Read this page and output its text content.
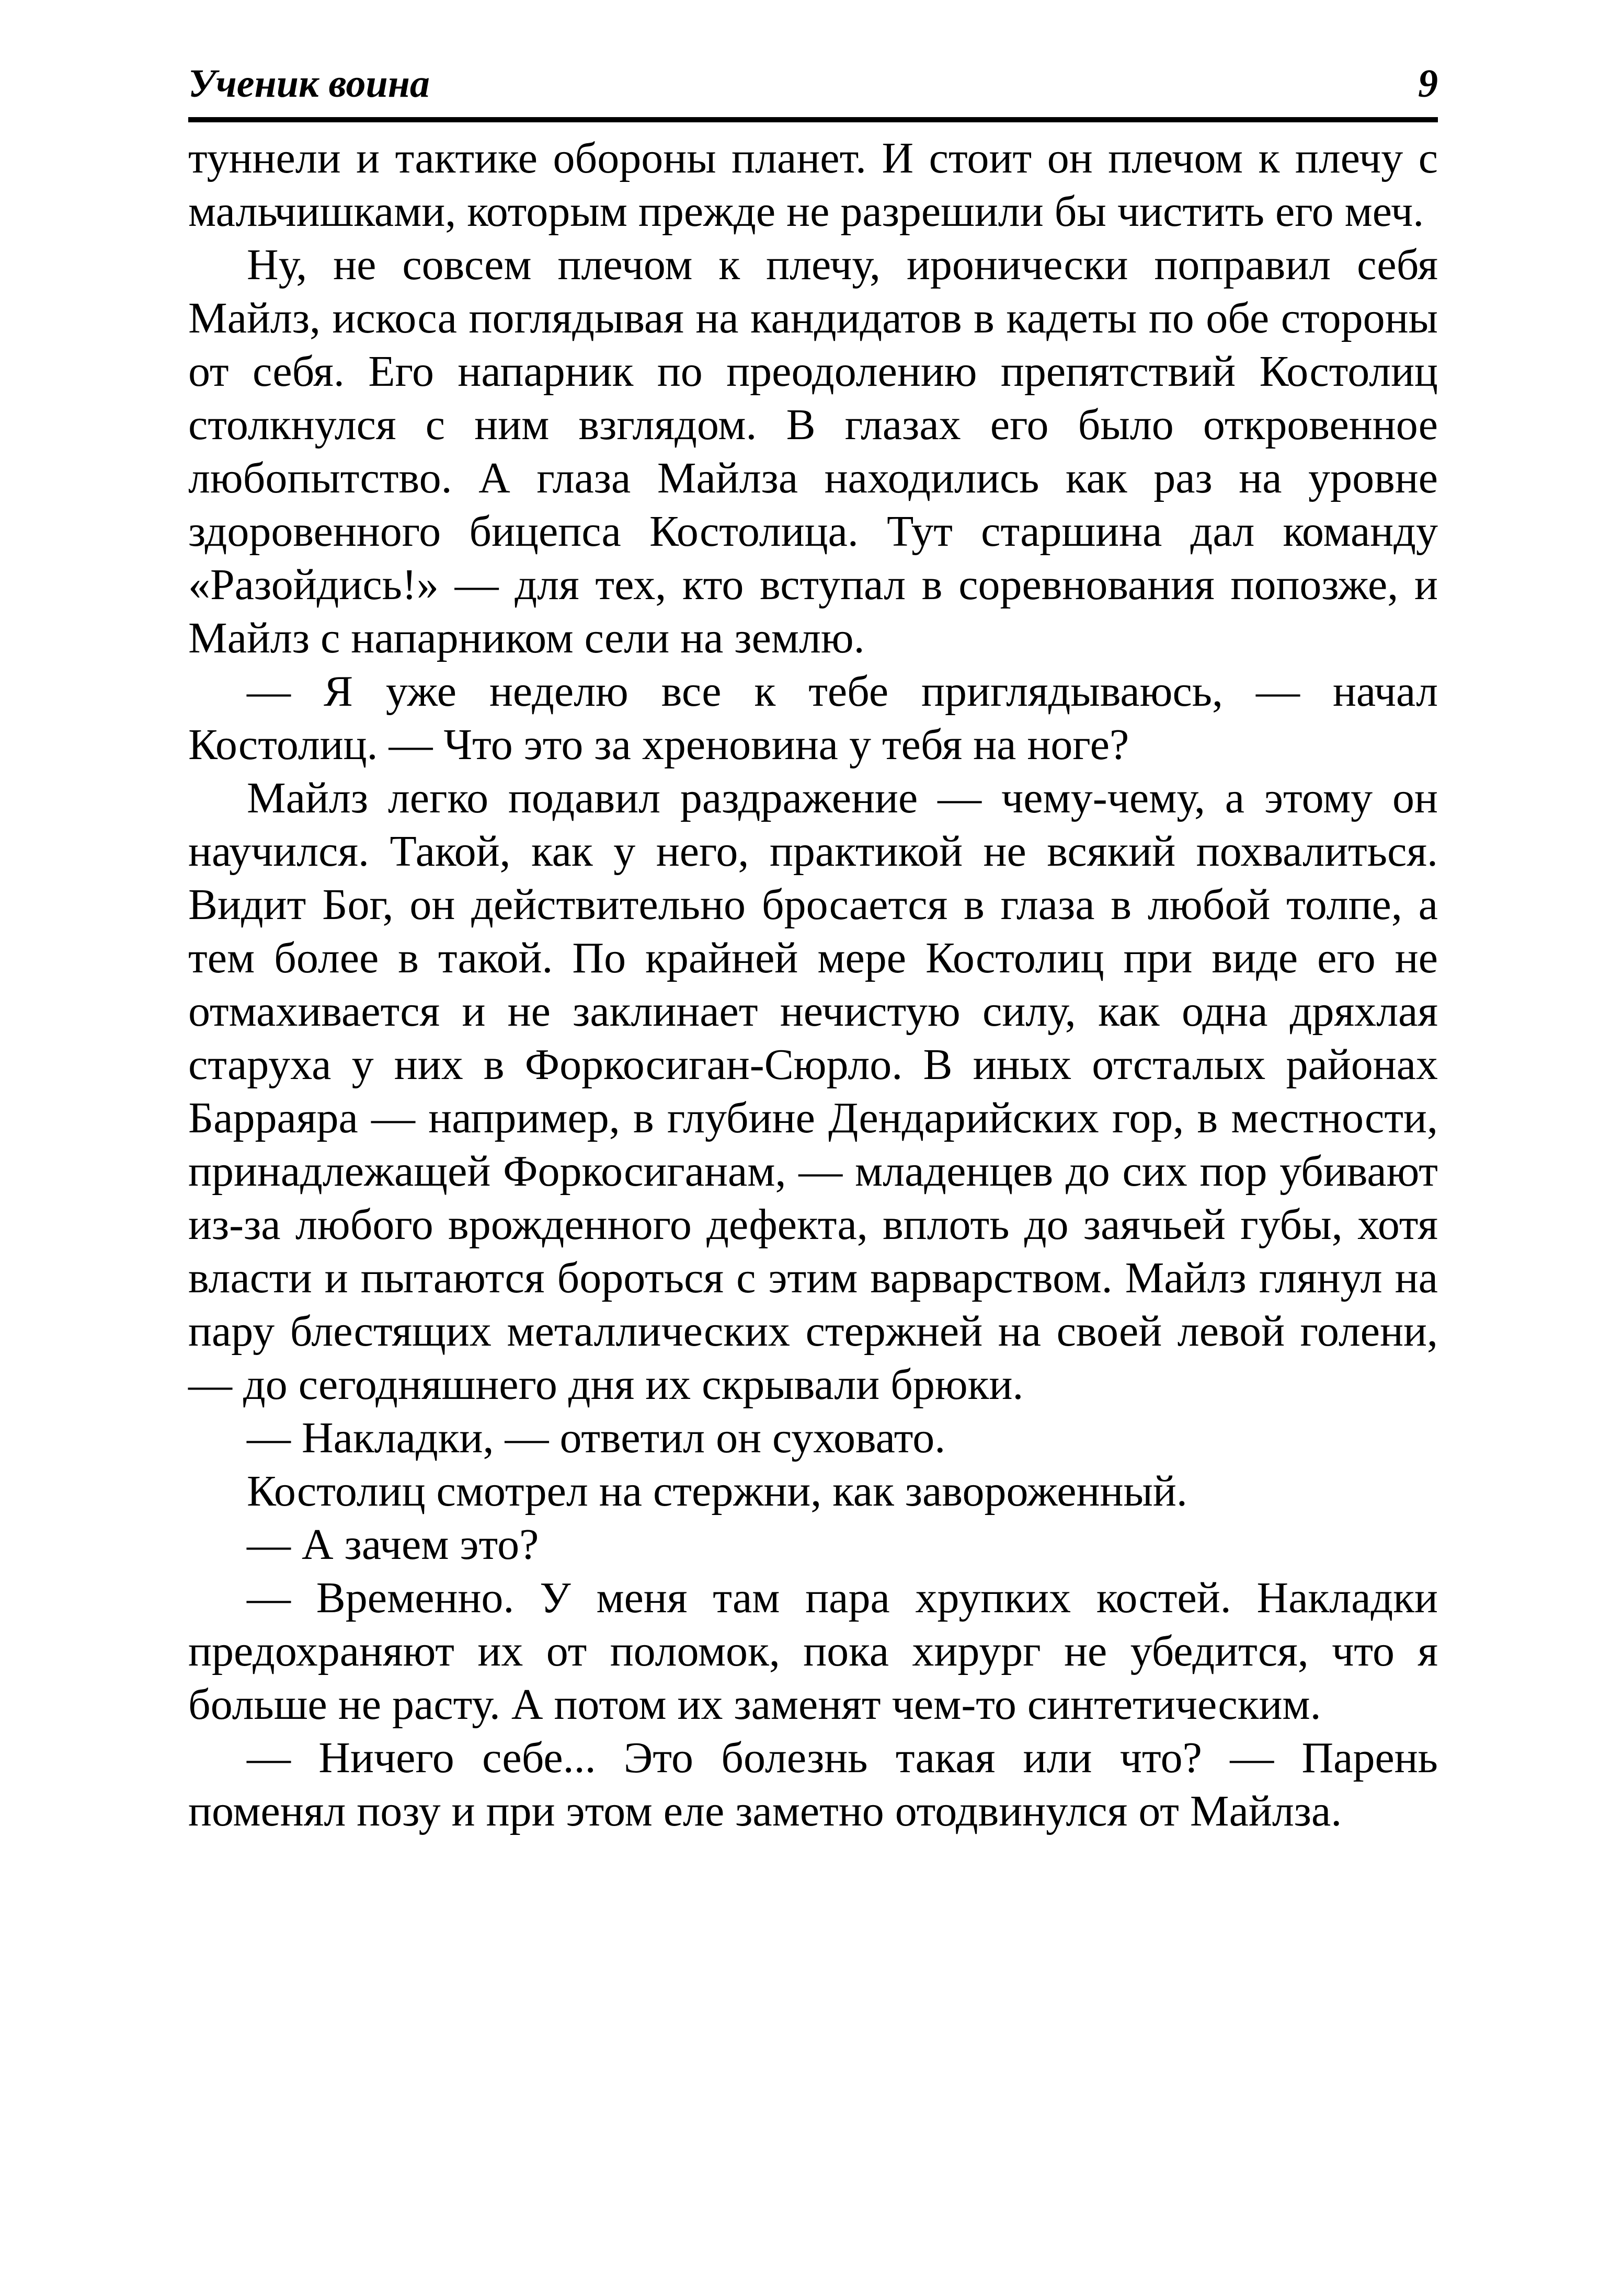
Ученик воина	9

туннели и тактике обороны планет. И стоит он плечом к плечу с мальчишками, которым прежде не разрешили бы чистить его меч.

Ну, не совсем плечом к плечу, иронически поправил себя Майлз, искоса поглядывая на кандидатов в кадеты по обе стороны от себя. Его напарник по преодолению препятствий Костолиц столкнулся с ним взглядом. В глазах его было откровенное любопытство. А глаза Майлза находились как раз на уровне здоровенного бицепса Костолица. Тут старшина дал команду «Разойдись!» — для тех, кто вступал в соревнования попозже, и Майлз с напарником сели на землю.

— Я уже неделю все к тебе приглядываюсь, — начал Костолиц. — Что это за хреновина у тебя на ноге?

Майлз легко подавил раздражение — чему-чему, а этому он научился. Такой, как у него, практикой не всякий похвалиться. Видит Бог, он действительно бросается в глаза в любой толпе, а тем более в такой. По крайней мере Костолиц при виде его не отмахивается и не заклинает нечистую силу, как одна дряхлая старуха у них в Форкосиган-Сюрло. В иных отсталых районах Барраяра — например, в глубине Дендарийских гор, в местности, принадлежащей Форкосиганам, — младенцев до сих пор убивают из-за любого врожденного дефекта, вплоть до заячьей губы, хотя власти и пытаются бороться с этим варварством. Майлз глянул на пару блестящих металлических стержней на своей левой голени, — до сегодняшнего дня их скрывали брюки.

— Накладки, — ответил он суховато.

Костолиц смотрел на стержни, как завороженный.

— А зачем это?

— Временно. У меня там пара хрупких костей. Накладки предохраняют их от поломок, пока хирург не убедится, что я больше не расту. А потом их заменят чем-то синтетическим.

— Ничего себе... Это болезнь такая или что? — Парень поменял позу и при этом еле заметно отодвинулся от Майлза.
